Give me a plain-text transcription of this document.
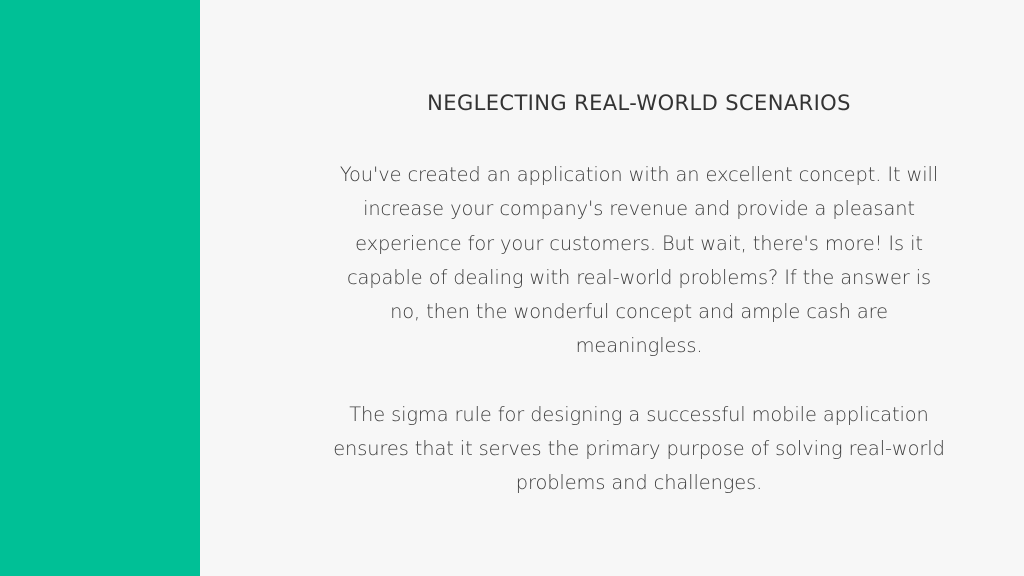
NEGLECTING REAL-WORLD SCENARIOS

You've created an application with an excellent concept. It will increase your company's revenue and provide a pleasant experience for your customers. But wait, there's more! Is it capable of dealing with real-world problems? If the answer is no, then the wonderful concept and ample cash are meaningless.

The sigma rule for designing a successful mobile application ensures that it serves the primary purpose of solving real-world problems and challenges.
